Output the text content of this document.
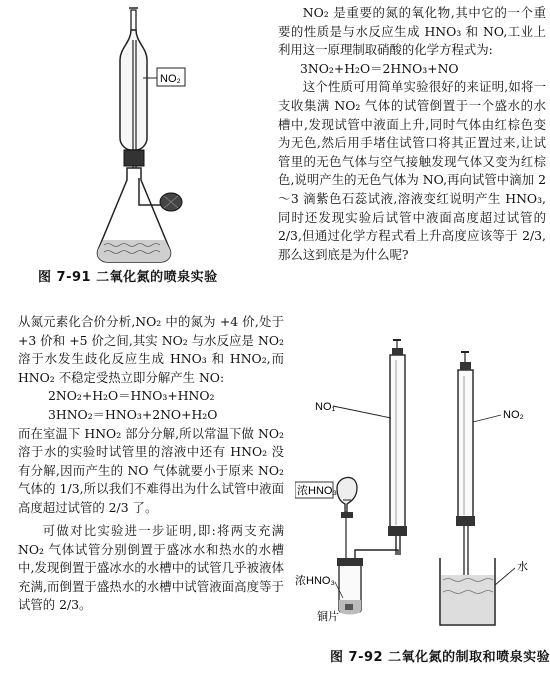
NO₂
图 7-91 二氧化氮的喷泉实验

NO₂ 是重要的氮的氧化物,其中它的一个重要的性质是与水反应生成 HNO₃ 和 NO,工业上利用这一原理制取硝酸的化学方程式为:

3NO₂+H₂O＝2HNO₃+NO

这个性质可用简单实验很好的来证明,如将一支收集满 NO₂ 气体的试管倒置于一个盛水的水槽中,发现试管中液面上升,同时气体由红棕色变为无色,然后用手堵住试管口将其正置过来,让试管里的无色气体与空气接触发现气体又变为红棕色,说明产生的无色气体为 NO,再向试管中滴加 2～3 滴紫色石蕊试液,溶液变红说明产生 HNO₃,同时还发现实验后试管中液面高度超过试管的 2/3,但通过化学方程式看上升高度应该等于 2/3,那么这到底是为什么呢?

从氮元素化合价分析,NO₂ 中的氮为 +4 价,处于 +3 价和 +5 价之间,其实 NO₂ 与水反应是 NO₂ 溶于水发生歧化反应生成 HNO₃ 和 HNO₂,而 HNO₂ 不稳定受热立即分解产生 NO:

2NO₂+H₂O＝HNO₃+HNO₂

3HNO₂＝HNO₃+2NO+H₂O

而在室温下 HNO₂ 部分分解,所以常温下做 NO₂ 溶于水的实验时试管里的溶液中还有 HNO₂ 没有分解,因而产生的 NO 气体就要小于原来 NO₂ 气体的 1/3,所以我们不难得出为什么试管中液面高度超过试管的 2/3 了。

可做对比实验进一步证明,即:将两支充满 NO₂ 气体试管分别倒置于盛冰水和热水的水槽中,发现倒置于盛冰水的水槽中的试管几乎被液体充满,而倒置于盛热水的水槽中试管液面高度等于试管的 2/3。

NO₁
浓HNO₃
浓HNO₃
铜片
NO₂
水
图 7-92 二氧化氮的制取和喷泉实验
